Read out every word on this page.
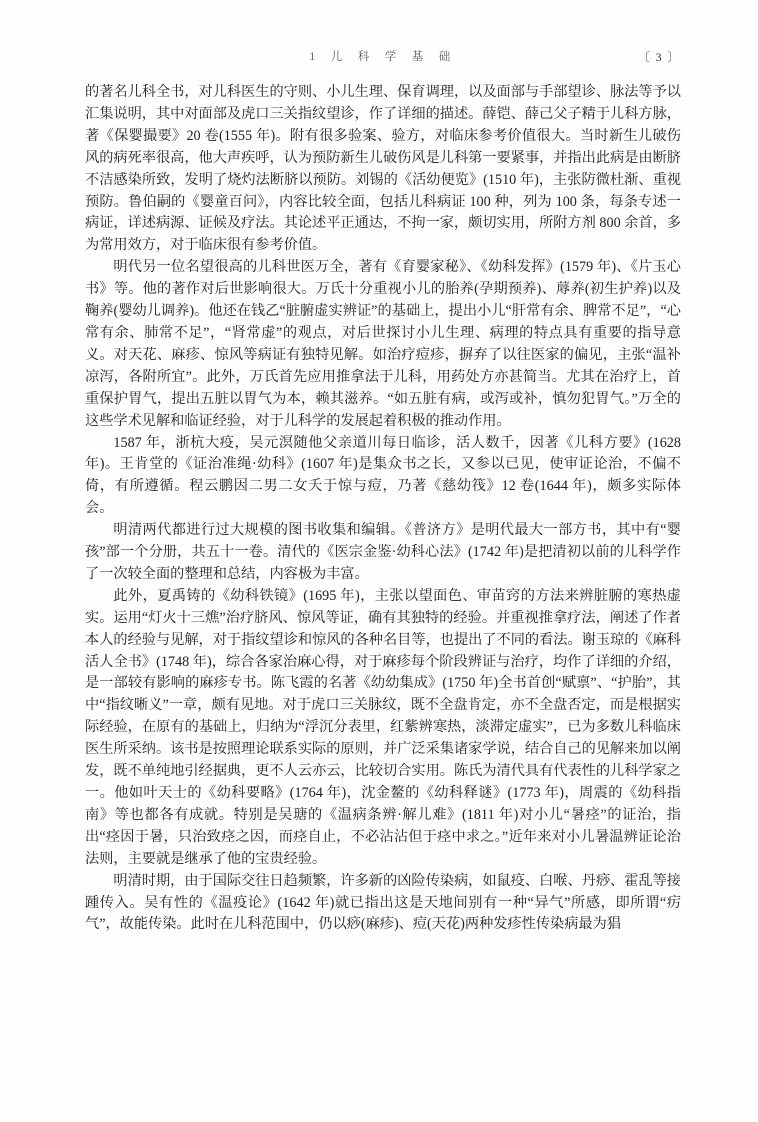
1 儿 科 学 基 础	〔 3 〕

的著名儿科全书，对儿科医生的守则、小儿生理、保育调理，以及面部与手部望诊、脉法等予以汇集说明，其中对面部及虎口三关指纹望诊，作了详细的描述。薛铠、薛己父子精于儿科方脉，著《保婴撮要》20 卷(1555 年)。附有很多验案、验方，对临床参考价值很大。当时新生儿破伤风的病死率很高，他大声疾呼，认为预防新生儿破伤风是儿科第一要紧事，并指出此病是由断脐不洁感染所致，发明了烧灼法断脐以预防。刘锡的《活幼便览》(1510 年)，主张防微杜渐、重视预防。鲁伯嗣的《婴童百问》，内容比较全面，包括儿科病证 100 种，列为 100 条，每条专述一病证，详述病源、证候及疗法。其论述平正通达，不拘一家，颇切实用，所附方剂 800 余首，多为常用效方，对于临床很有参考价值。

明代另一位名望很高的儿科世医万全，著有《育婴家秘》、《幼科发挥》(1579 年)、《片玉心书》等。他的著作对后世影响很大。万氏十分重视小儿的胎养(孕期预养)、蓐养(初生护养)以及鞠养(婴幼儿调养)。他还在钱乙“脏腑虚实辨证”的基础上，提出小儿“肝常有余、脾常不足”，“心常有余、肺常不足”，“肾常虚”的观点，对后世探讨小儿生理、病理的特点具有重要的指导意义。对天花、麻疹、惊风等病证有独特见解。如治疗痘疹，摒弃了以往医家的偏见，主张“温补凉泻，各附所宜”。此外，万氏首先应用推拿法于儿科，用药处方亦甚简当。尤其在治疗上，首重保护胃气，提出五脏以胃气为本，赖其滋养。“如五脏有病，或泻或补，慎勿犯胃气。”万全的这些学术见解和临证经验，对于儿科学的发展起着积极的推动作用。

1587 年，浙杭大疫，吴元溟随他父亲道川每日临诊，活人数千，因著《儿科方要》(1628 年)。王肯堂的《证治准绳·幼科》(1607 年)是集众书之长，又参以已见，使审证论治，不偏不倚，有所遵循。程云鹏因二男二女夭于惊与痘，乃著《慈幼筏》12 卷(1644 年)，颇多实际体会。

明清两代都进行过大规模的图书收集和编辑。《普济方》是明代最大一部方书，其中有“婴孩”部一个分册，共五十一卷。清代的《医宗金鉴·幼科心法》(1742 年)是把清初以前的儿科学作了一次较全面的整理和总结，内容极为丰富。

此外，夏禹铸的《幼科铁镜》(1695 年)，主张以望面色、审苗窍的方法来辨脏腑的寒热虚实。运用“灯火十三燋”治疗脐风、惊风等证，确有其独特的经验。并重视推拿疗法，阐述了作者本人的经验与见解，对于指纹望诊和惊风的各种名目等，也提出了不同的看法。谢玉琼的《麻科活人全书》(1748 年)，综合各家治麻心得，对于麻疹每个阶段辨证与治疗，均作了详细的介绍，是一部较有影响的麻疹专书。陈飞霞的名著《幼幼集成》(1750 年)全书首创“赋禀”、“护胎”，其中“指纹晰义”一章，颇有见地。对于虎口三关脉纹，既不全盘肯定，亦不全盘否定，而是根据实际经验，在原有的基础上，归纳为“浮沉分表里，红紫辨寒热，淡滞定虚实”，已为多数儿科临床医生所采纳。该书是按照理论联系实际的原则，并广泛采集诸家学说，结合自己的见解来加以阐发，既不单纯地引经据典，更不人云亦云，比较切合实用。陈氏为清代具有代表性的儿科学家之一。他如叶天士的《幼科要略》(1764 年)，沈金鳌的《幼科释谜》(1773 年)，周震的《幼科指南》等也都各有成就。特别是吴瑭的《温病条辨·解儿难》(1811 年)对小儿“暑痉”的证治，指出“痉因于暑，只治致痉之因，而痉自止，不必沾沾但于痉中求之。”近年来对小儿暑温辨证论治法则，主要就是继承了他的宝贵经验。

明清时期，由于国际交往日趋频繁，许多新的凶险传染病，如鼠疫、白喉、丹痧、霍乱等接踵传入。吴有性的《温疫论》(1642 年)就已指出这是天地间别有一种“异气”所感，即所谓“疠气”，故能传染。此时在儿科范围中，仍以痧(麻疹)、痘(天花)两种发疹性传染病最为猖
